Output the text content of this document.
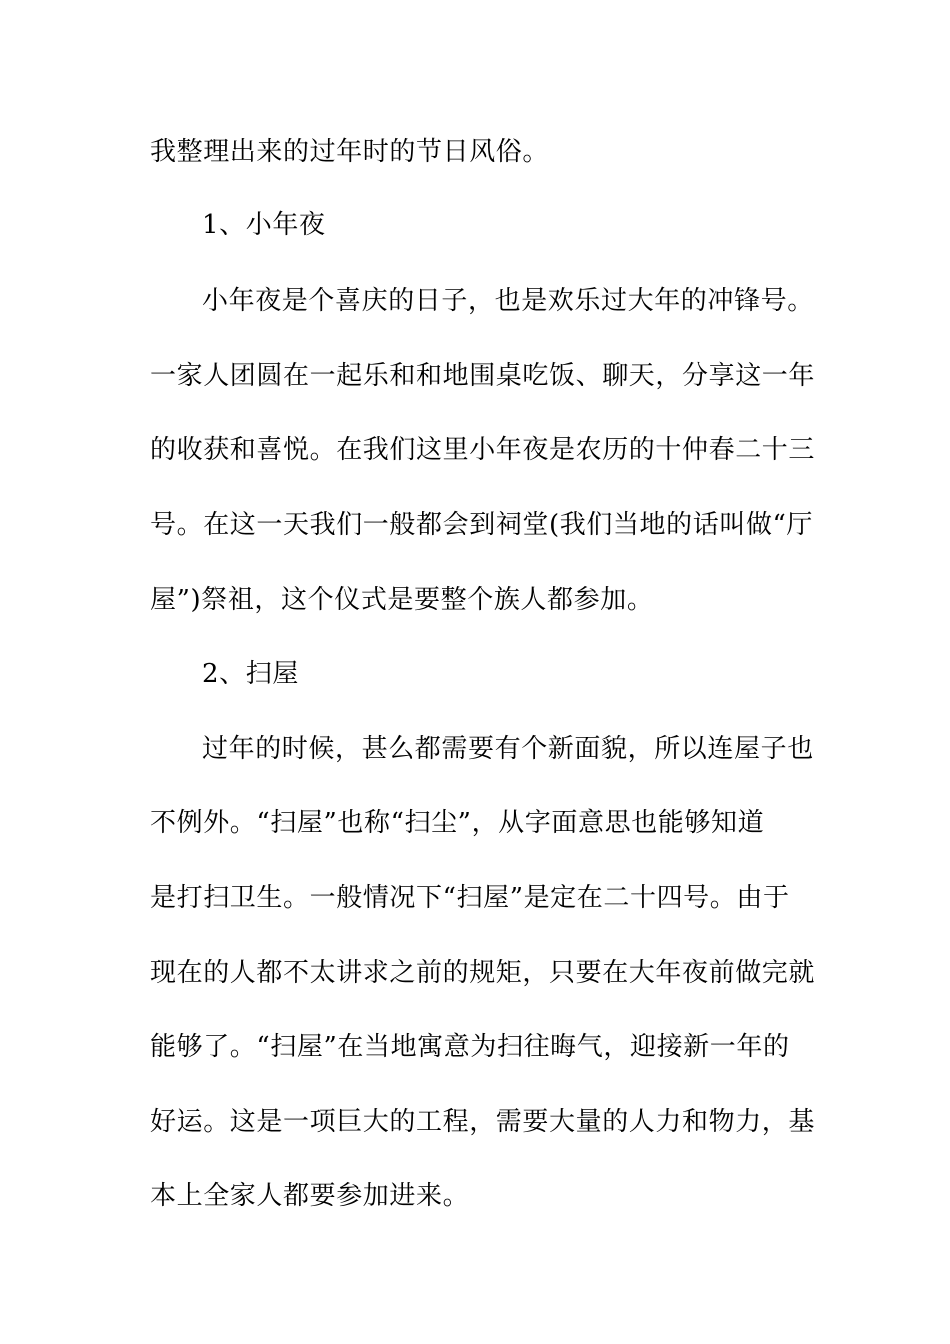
我整理出来的过年时的节日风俗。
1、小年夜
小年夜是个喜庆的日子，也是欢乐过大年的冲锋号。
一家人团圆在一起乐和和地围桌吃饭、聊天，分享这一年
的收获和喜悦。在我们这里小年夜是农历的十仲春二十三
号。在这一天我们一般都会到祠堂(我们当地的话叫做“厅
屋”)祭祖，这个仪式是要整个族人都参加。
2、扫屋
过年的时候，甚么都需要有个新面貌，所以连屋子也
不例外。“扫屋”也称“扫尘”，从字面意思也能够知道
是打扫卫生。一般情况下“扫屋”是定在二十四号。由于
现在的人都不太讲求之前的规矩，只要在大年夜前做完就
能够了。“扫屋”在当地寓意为扫往晦气，迎接新一年的
好运。这是一项巨大的工程，需要大量的人力和物力，基
本上全家人都要参加进来。
